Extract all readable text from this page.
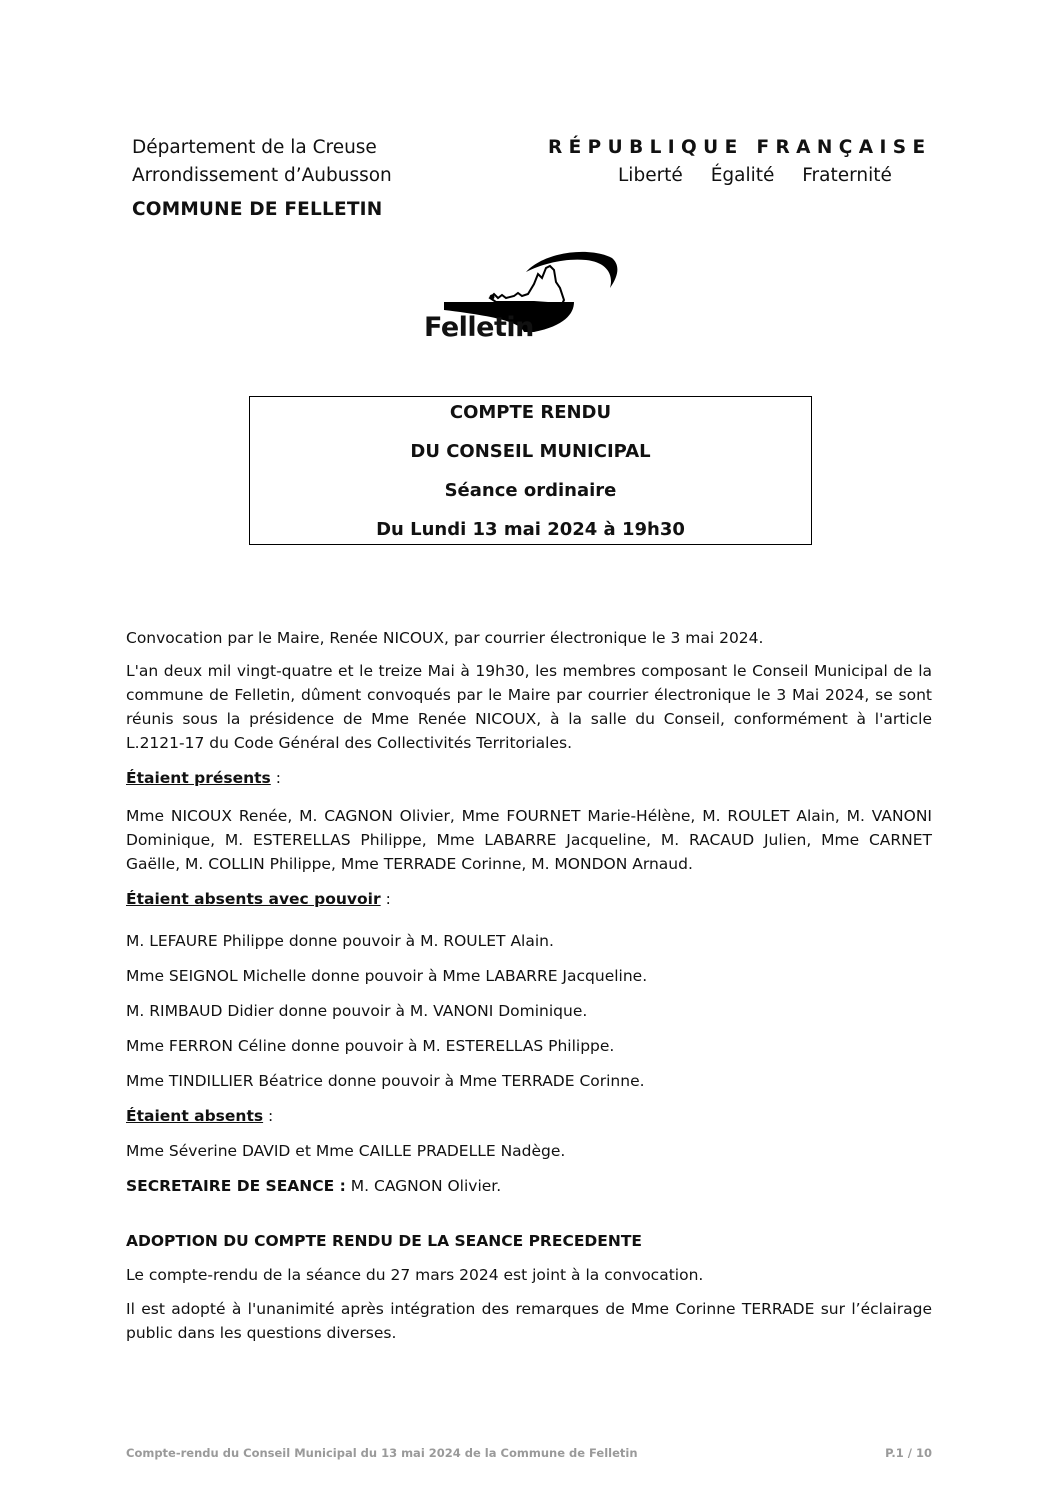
Département de la Creuse
Arrondissement d’Aubusson
COMMUNE DE FELLETIN
RÉPUBLIQUE FRANÇAISE
Liberté Égalité Fraternité
Felletin
COMPTE RENDU
DU CONSEIL MUNICIPAL
Séance ordinaire
Du Lundi 13 mai 2024 à 19h30

Convocation par le Maire, Renée NICOUX, par courrier électronique le 3 mai 2024.

L'an deux mil vingt-quatre et le treize Mai à 19h30, les membres composant le Conseil Municipal de la commune de Felletin, dûment convoqués par le Maire par courrier électronique le 3 Mai 2024, se sont réunis sous la présidence de Mme Renée NICOUX, à la salle du Conseil, conformément à l'article L.2121-17 du Code Général des Collectivités Territoriales.

Étaient présents :

Mme NICOUX Renée, M. CAGNON Olivier, Mme FOURNET Marie-Hélène, M. ROULET Alain, M. VANONI Dominique, M. ESTERELLAS Philippe, Mme LABARRE Jacqueline, M. RACAUD Julien, Mme CARNET Gaëlle, M. COLLIN Philippe, Mme TERRADE Corinne, M. MONDON Arnaud.

Étaient absents avec pouvoir :

M. LEFAURE Philippe donne pouvoir à M. ROULET Alain.

Mme SEIGNOL Michelle donne pouvoir à Mme LABARRE Jacqueline.

M. RIMBAUD Didier donne pouvoir à M. VANONI Dominique.

Mme FERRON Céline donne pouvoir à M. ESTERELLAS Philippe.

Mme TINDILLIER Béatrice donne pouvoir à Mme TERRADE Corinne.

Étaient absents :

Mme Séverine DAVID et Mme CAILLE PRADELLE Nadège.

SECRETAIRE DE SEANCE : M. CAGNON Olivier.

ADOPTION DU COMPTE RENDU DE LA SEANCE PRECEDENTE

Le compte-rendu de la séance du 27 mars 2024 est joint à la convocation.

Il est adopté à l'unanimité après intégration des remarques de Mme Corinne TERRADE sur l’éclairage public dans les questions diverses.

Compte-rendu du Conseil Municipal du 13 mai 2024 de la Commune de Felletin	P.1 / 10
